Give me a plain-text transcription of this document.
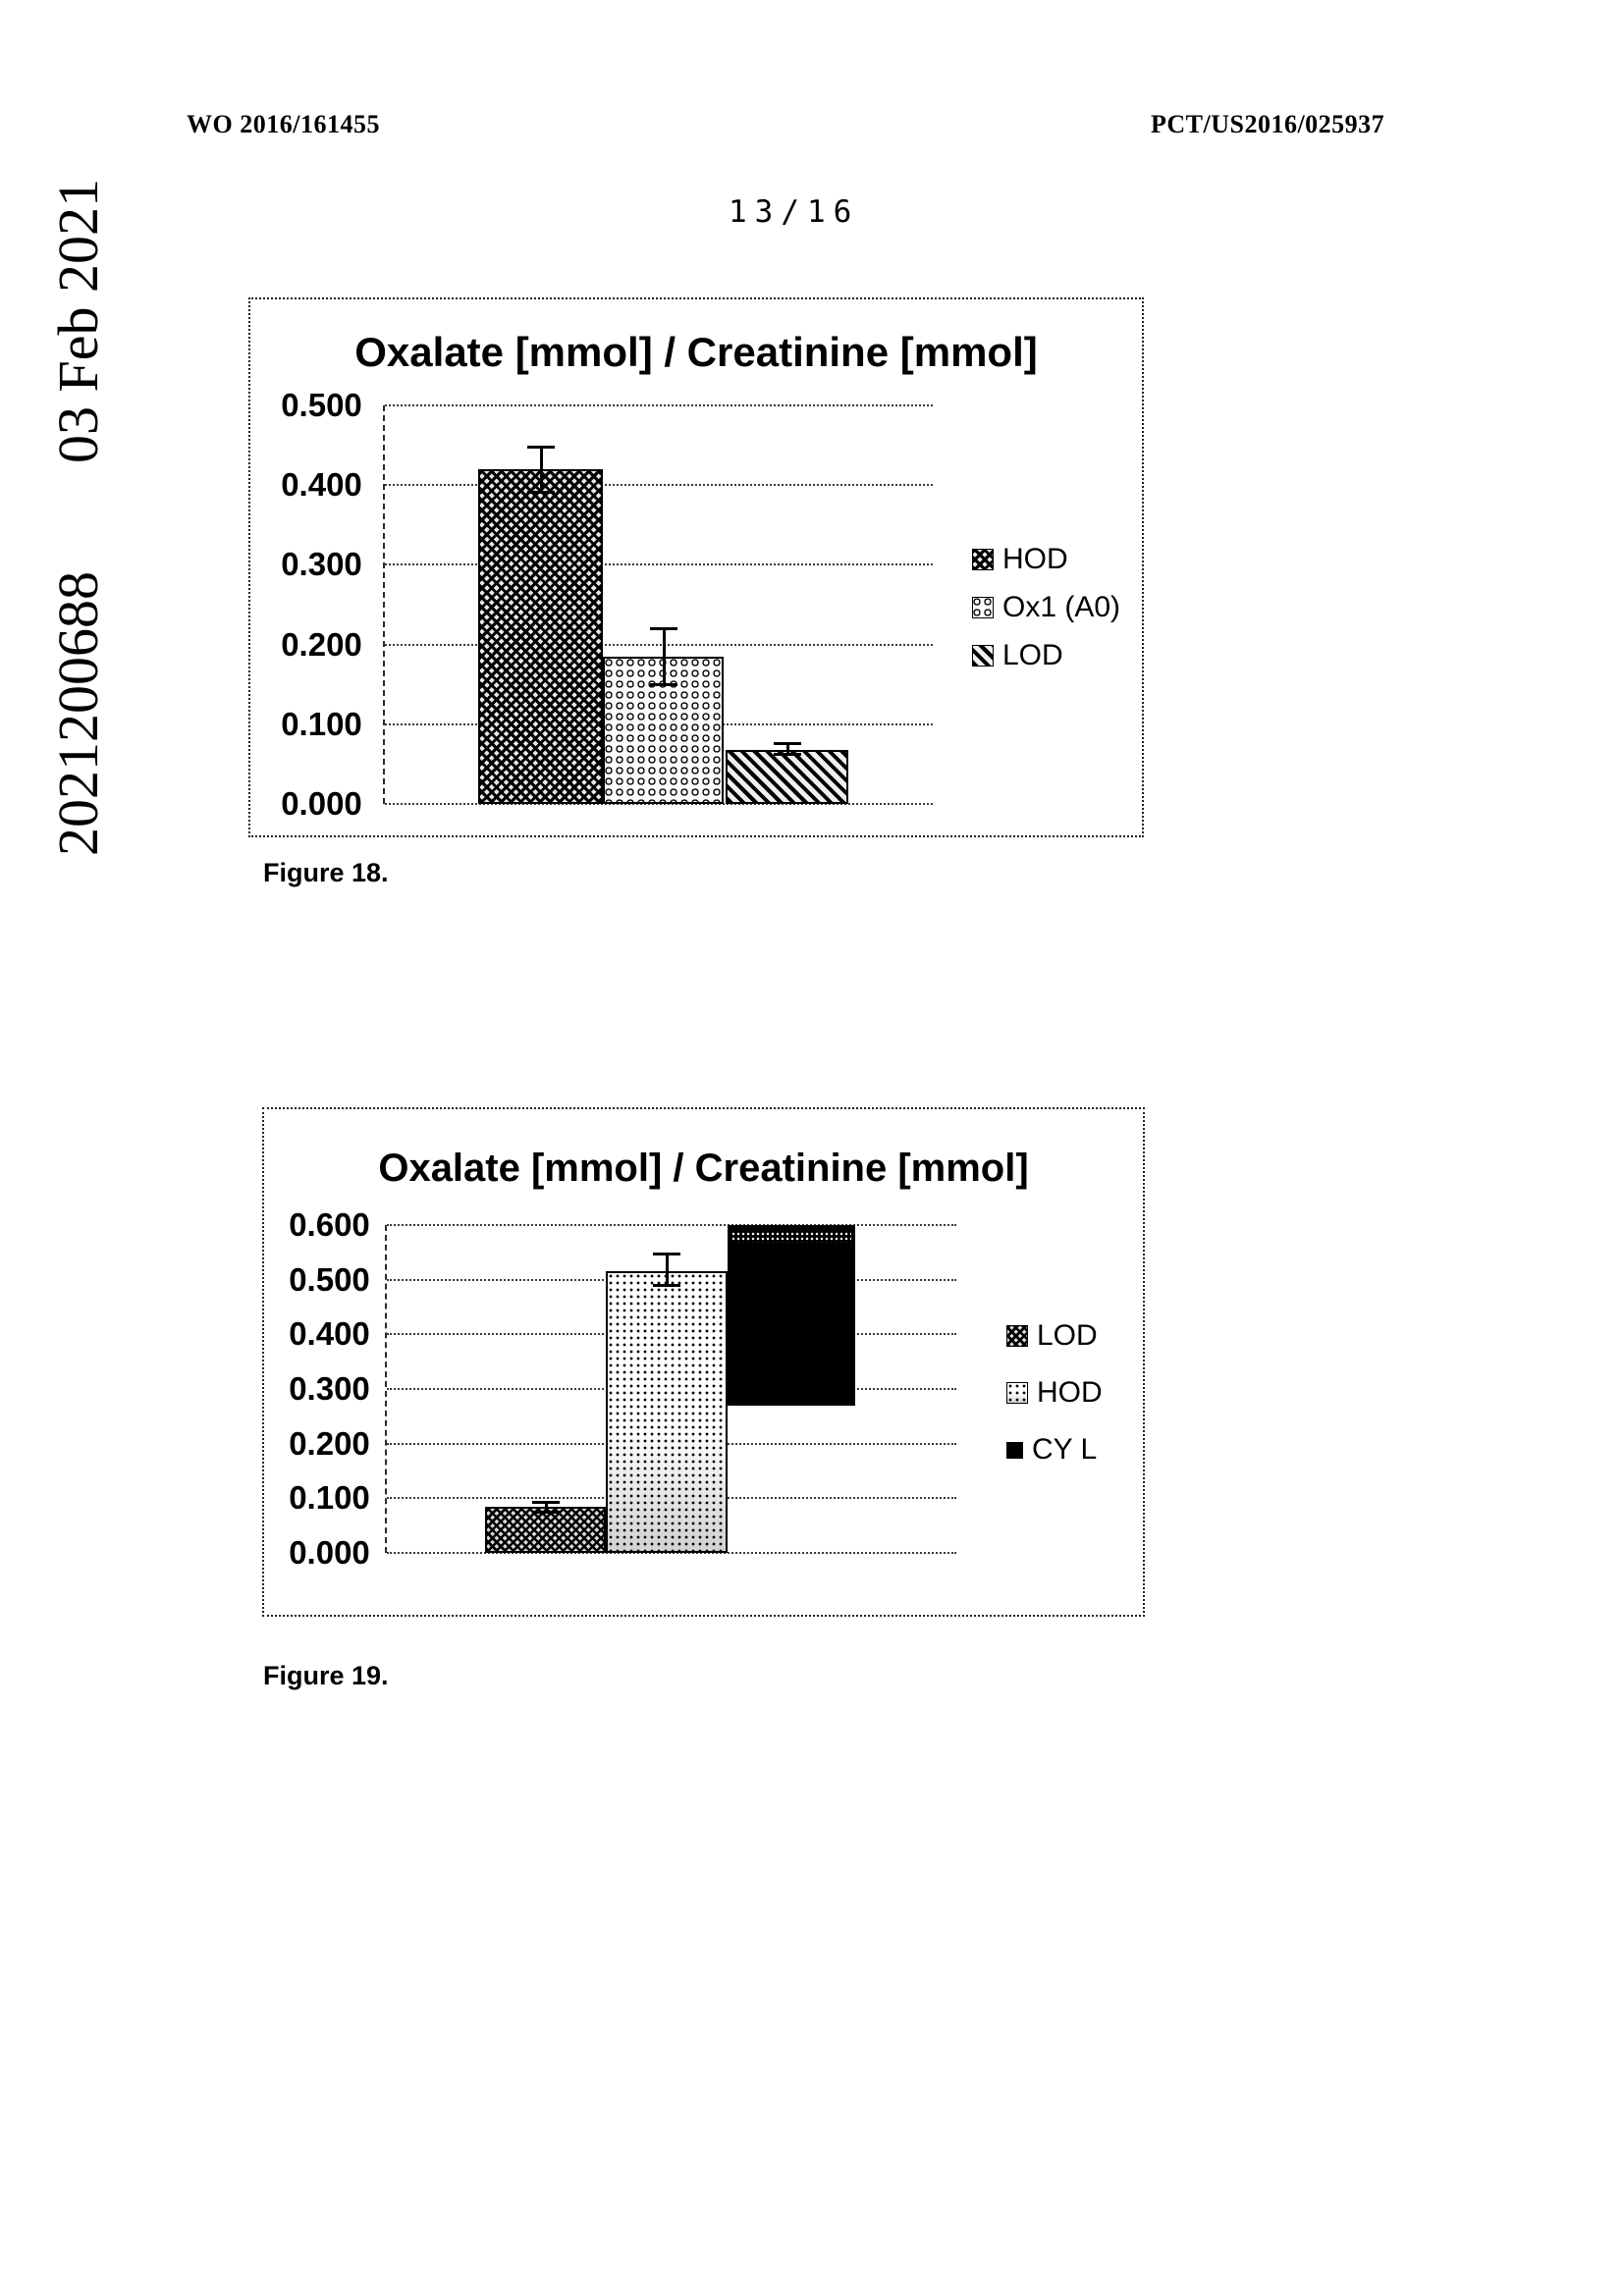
WO 2016/161455	PCT/US2016/025937
13/16
2021200688
03 Feb 2021	Oxalate [mmol] / Creatinine [mmol]
0.500
0.400
0.300
0.200
0.100
0.000
HOD
Ox1 (A0)
LOD
Figure 18.
Oxalate [mmol] / Creatinine [mmol]
0.600
0.500
0.400
0.300
0.200
0.100
0.000
LOD
HOD
CY L
Figure 19.
